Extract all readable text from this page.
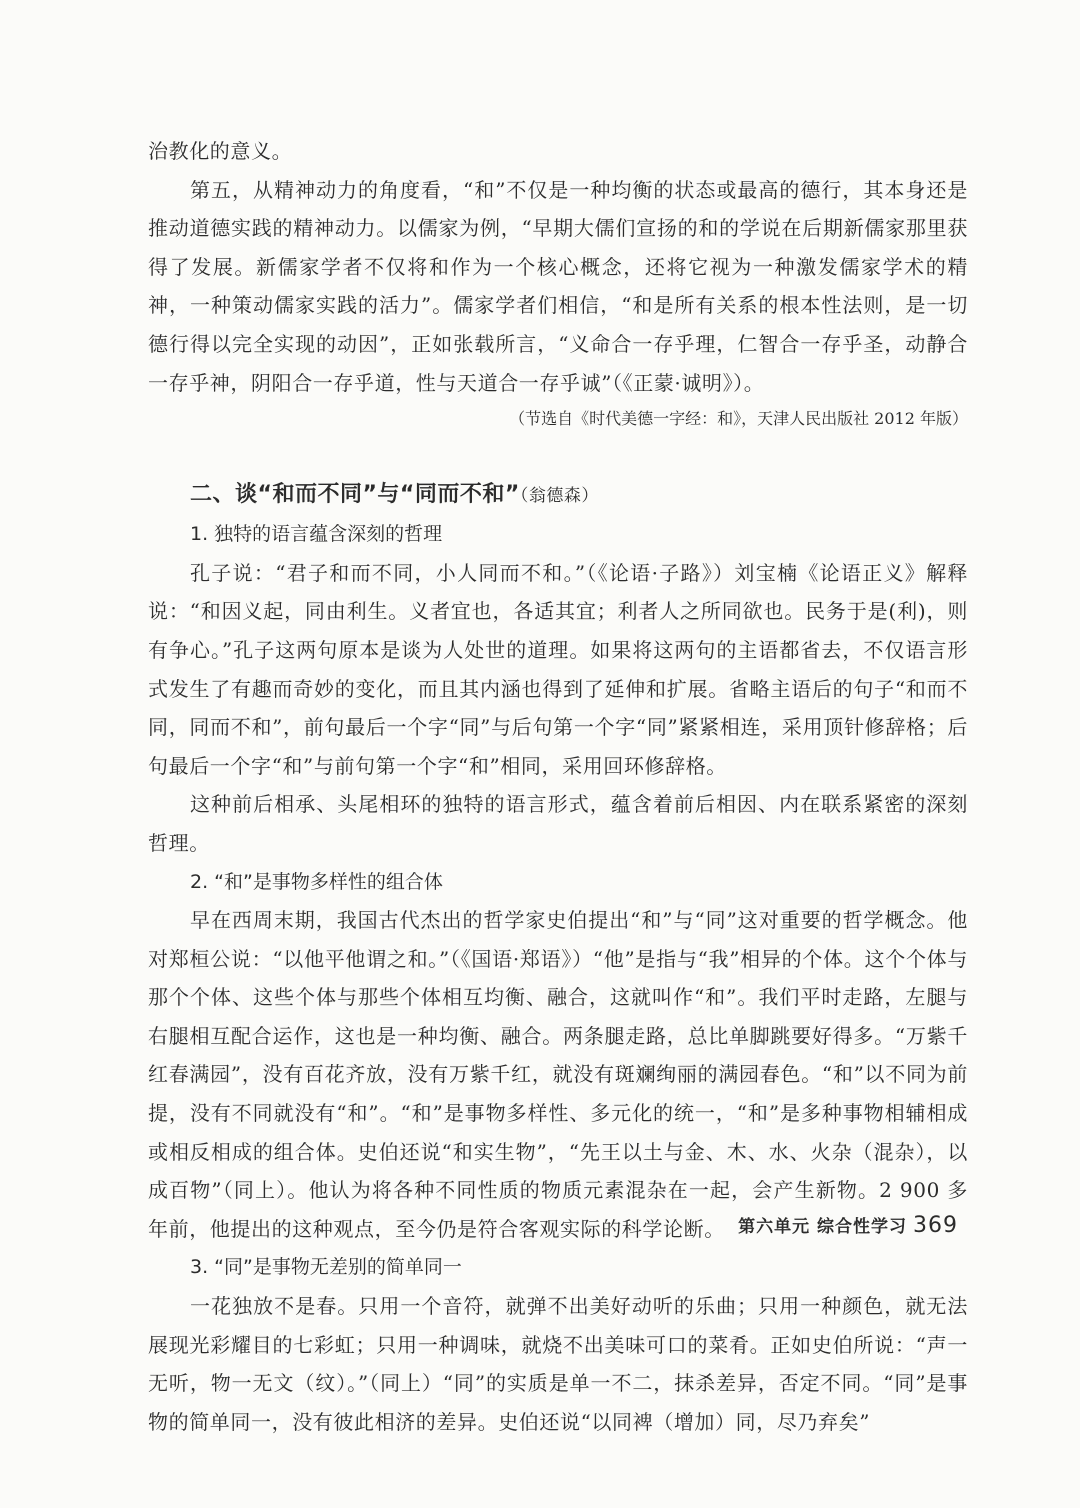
治教化的意义。

第五，从精神动力的角度看，“和”不仅是一种均衡的状态或最高的德行，其本身还是推动道德实践的精神动力。以儒家为例，“早期大儒们宣扬的和的学说在后期新儒家那里获得了发展。新儒家学者不仅将和作为一个核心概念，还将它视为一种激发儒家学术的精神，一种策动儒家实践的活力”。儒家学者们相信，“和是所有关系的根本性法则，是一切德行得以完全实现的动因”，正如张载所言，“义命合一存乎理，仁智合一存乎圣，动静合一存乎神，阴阳合一存乎道，性与天道合一存乎诚”（《正蒙·诚明》）。

（节选自《时代美德一字经：和》，天津人民出版社 2012 年版）

二、谈“和而不同”与“同而不和”（翁德森）
1. 独特的语言蕴含深刻的哲理

孔子说：“君子和而不同，小人同而不和。”（《论语·子路》）刘宝楠《论语正义》解释说：“和因义起，同由利生。义者宜也，各适其宜；利者人之所同欲也。民务于是(利)，则有争心。”孔子这两句原本是谈为人处世的道理。如果将这两句的主语都省去，不仅语言形式发生了有趣而奇妙的变化，而且其内涵也得到了延伸和扩展。省略主语后的句子“和而不同，同而不和”，前句最后一个字“同”与后句第一个字“同”紧紧相连，采用顶针修辞格；后句最后一个字“和”与前句第一个字“和”相同，采用回环修辞格。

这种前后相承、头尾相环的独特的语言形式，蕴含着前后相因、内在联系紧密的深刻哲理。

2. “和”是事物多样性的组合体

早在西周末期，我国古代杰出的哲学家史伯提出“和”与“同”这对重要的哲学概念。他对郑桓公说：“以他平他谓之和。”（《国语·郑语》）“他”是指与“我”相异的个体。这个个体与那个个体、这些个体与那些个体相互均衡、融合，这就叫作“和”。我们平时走路，左腿与右腿相互配合运作，这也是一种均衡、融合。两条腿走路，总比单脚跳要好得多。“万紫千红春满园”，没有百花齐放，没有万紫千红，就没有斑斓绚丽的满园春色。“和”以不同为前提，没有不同就没有“和”。“和”是事物多样性、多元化的统一，“和”是多种事物相辅相成或相反相成的组合体。史伯还说“和实生物”，“先王以土与金、木、水、火杂（混杂），以成百物”（同上）。他认为将各种不同性质的物质元素混杂在一起，会产生新物。2 900 多年前，他提出的这种观点，至今仍是符合客观实际的科学论断。

3. “同”是事物无差别的简单同一

一花独放不是春。只用一个音符，就弹不出美好动听的乐曲；只用一种颜色，就无法展现光彩耀目的七彩虹；只用一种调味，就烧不出美味可口的菜肴。正如史伯所说：“声一无听，物一无文（纹）。”（同上）“同”的实质是单一不二，抹杀差异，否定不同。“同”是事物的简单同一，没有彼此相济的差异。史伯还说“以同裨（增加）同，尽乃弃矣”

第六单元 综合性学习 369
